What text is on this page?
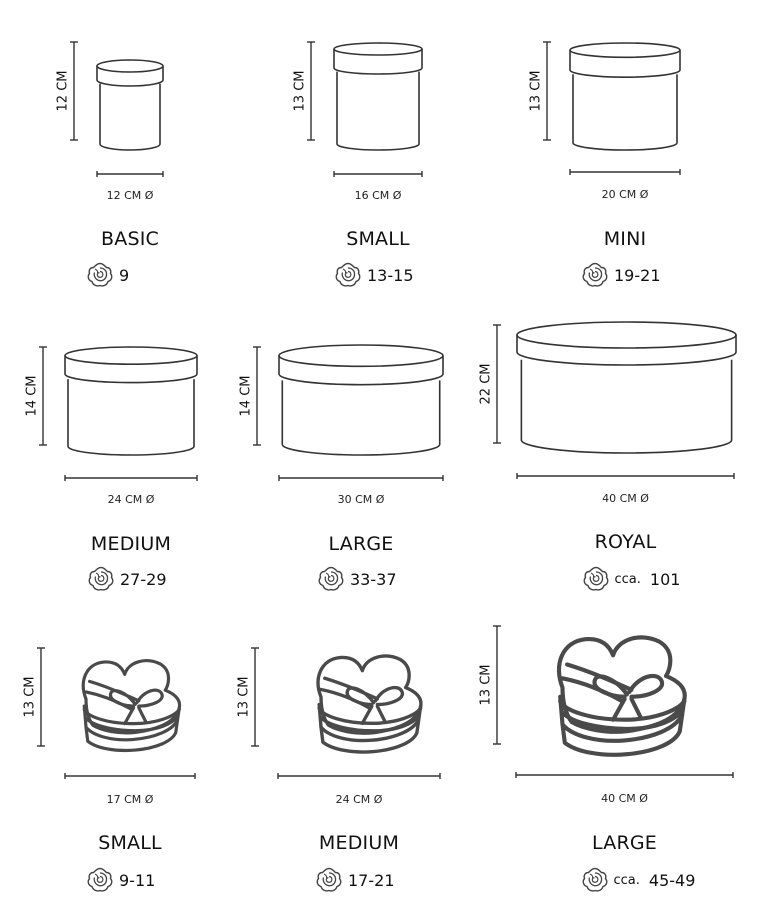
12 CM	13 CM	13 CM
14 CM	14 CM	22 CM
13 CM	13 CM	13 CM
12 CM Ø
BASIC
9
16 CM Ø
SMALL
13-15
20 CM Ø
MINI
19-21
24 CM Ø
MEDIUM
27-29
30 CM Ø
LARGE
33-37
40 CM Ø
ROYAL
cca. 101
17 CM Ø
SMALL
9-11
24 CM Ø
MEDIUM
17-21
40 CM Ø
LARGE
cca. 45-49
